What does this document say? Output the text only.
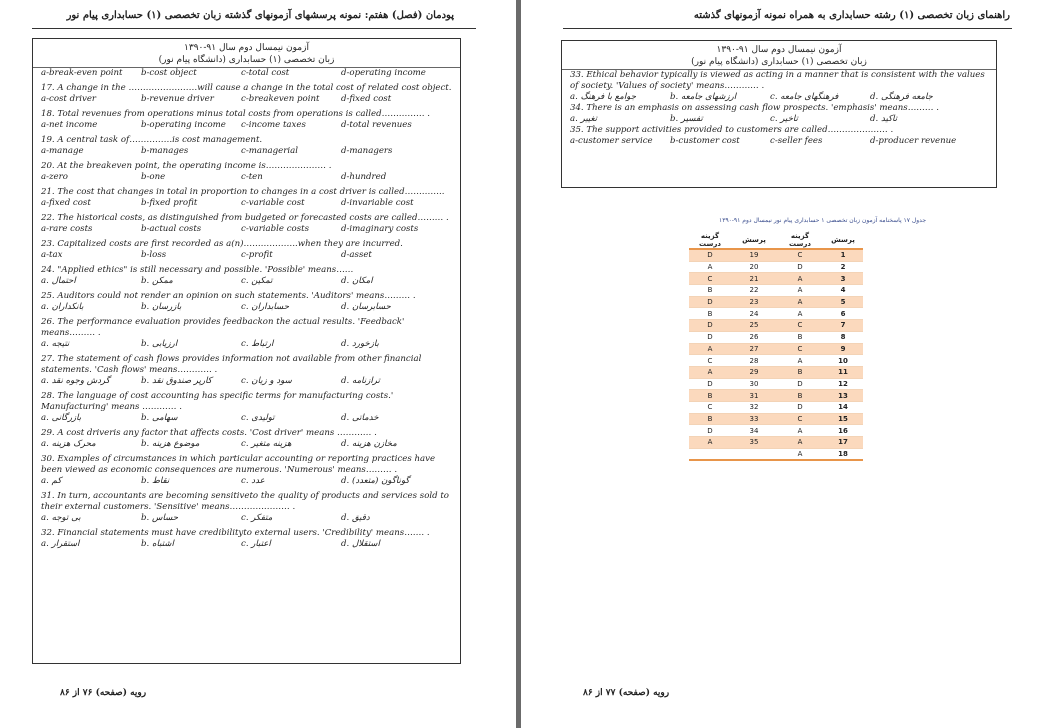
پودمان (فصل) هفتم: نمونه پرسشهای آزمونهای گذشته زبان تخصصی (۱) حسابداری پیام نور
آزمون نیمسال دوم سال ۹۱-۱۳۹۰
زبان تخصصی (۱) حسابداری (دانشگاه پیام نور)
a-break-even point	b-cost object	c-total cost	d-operating income
17. A change in the ……………………will cause a change in the total cost of related cost object.
a-cost driver	b-revenue driver	c-breakeven point	d-fixed cost
18. Total revenues from operations minus total costs from operations is called…………… .
a-net income	b-operating income	c-income taxes	d-total revenues
19. A central task of……………is cost management.
a-manage	b-manages	c-managerial	d-managers
20. At the breakeven point, the operating income is………………… .
a-zero	b-one	c-ten	d-hundred
21. The cost that changes in total in proportion to changes in a cost driver is called…………..
a-fixed cost	b-fixed profit	c-variable cost	d-invariable cost
22. The historical costs, as distinguished from budgeted or forecasted costs are called……… .
a-rare costs	b-actual costs	c-variable costs	d-imaginary costs
23. Capitalized costs are first recorded as a(n)……………….when they are incurred.
a-tax	b-loss	c-profit	d-asset
24. "Applied ethics" is still necessary and possible. 'Possible' means……
a. احتمال	b. ممکن	c. تمکین	d. امکان
25. Auditors could not render an opinion on such statements. 'Auditors' means……… .
a. بانکداران	b. بازرسان	c. حسابداران	d. حسابرسان
26. The performance evaluation provides feedbackon the actual results. 'Feedback' means……… .
a. نتیجه	b. ارزیابی	c. ارتباط	d. بازخورد
27. The statement of cash flows provides information not available from other financial statements. 'Cash flows' means………… .
a. گردش وجوه نقد	b. کارپر صندوق نقد	c. سود و زیان	d. ترازنامه
28. The language of cost accounting has specific terms for manufacturing costs.' Manufacturing' means ………… .
a. بازرگانی	b. سهامی	c. تولیدی	d. خدماتی
29. A cost driveris any factor that affects costs. 'Cost driver' means ………… .
a. محرک هزینه	b. موضوع هزینه	c. هزینه متغیر	d. مخازن هزینه
30. Examples of circumstances in which particular accounting or reporting practices have been viewed as economic consequences are numerous. 'Numerous' means……… .
a. کم	b. نقاط	c. عدد	d. گوناگون (متعدد)
31. In turn, accountants are becoming sensitiveto the quality of products and services sold to their external customers. 'Sensitive' means………………… .
a. بی توجه	b. حساس	c. متفکر	d. دقیق
32. Financial statements must have credibilityto external users. 'Credibility' means……. .
a. استقرار	b. اشتباه	c. اعتبار	d. استقلال
رویه (صفحه) ۷۶ از ۸۶
راهنمای زبان تخصصی (۱) رشته حسابداری به همراه نمونه آزمونهای گذشته
آزمون نیمسال دوم سال ۹۱-۱۳۹۰
زبان تخصصی (۱) حسابداری (دانشگاه پیام نور)
33. Ethical behavior typically is viewed as acting in a manner that is consistent with the values of society. 'Values of society' means………… .
a. جوامع با فرهنگ	b. ارزشهای جامعه	c. فرهنگهای جامعه	d. جامعه فرهنگی
34. There is an emphasis on assessing cash flow prospects. 'emphasis' means……… .
a. تغییر	b. تفسیر	c. تاخیر	d. تاکید
35. The support activities provided to customers are called………………… .
a-customer service	b-customer cost	c-seller fees	d-producer revenue
جدول ۱۷ پاسخنامه آزمون زبان تخصصی ۱ حسابداری پیام نور نیمسال دوم ۹۱-۱۳۹۰
گزینه درست	پرسش	گزینه درست	پرسش
D	19	C	1
A	20	D	2
C	21	A	3
B	22	A	4
D	23	A	5
B	24	A	6
D	25	C	7
D	26	B	8
A	27	C	9
C	28	A	10
A	29	B	11
D	30	D	12
B	31	B	13
C	32	D	14
B	33	C	15
D	34	A	16
A	35	A	17
		A	18
رویه (صفحه) ۷۷ از ۸۶
